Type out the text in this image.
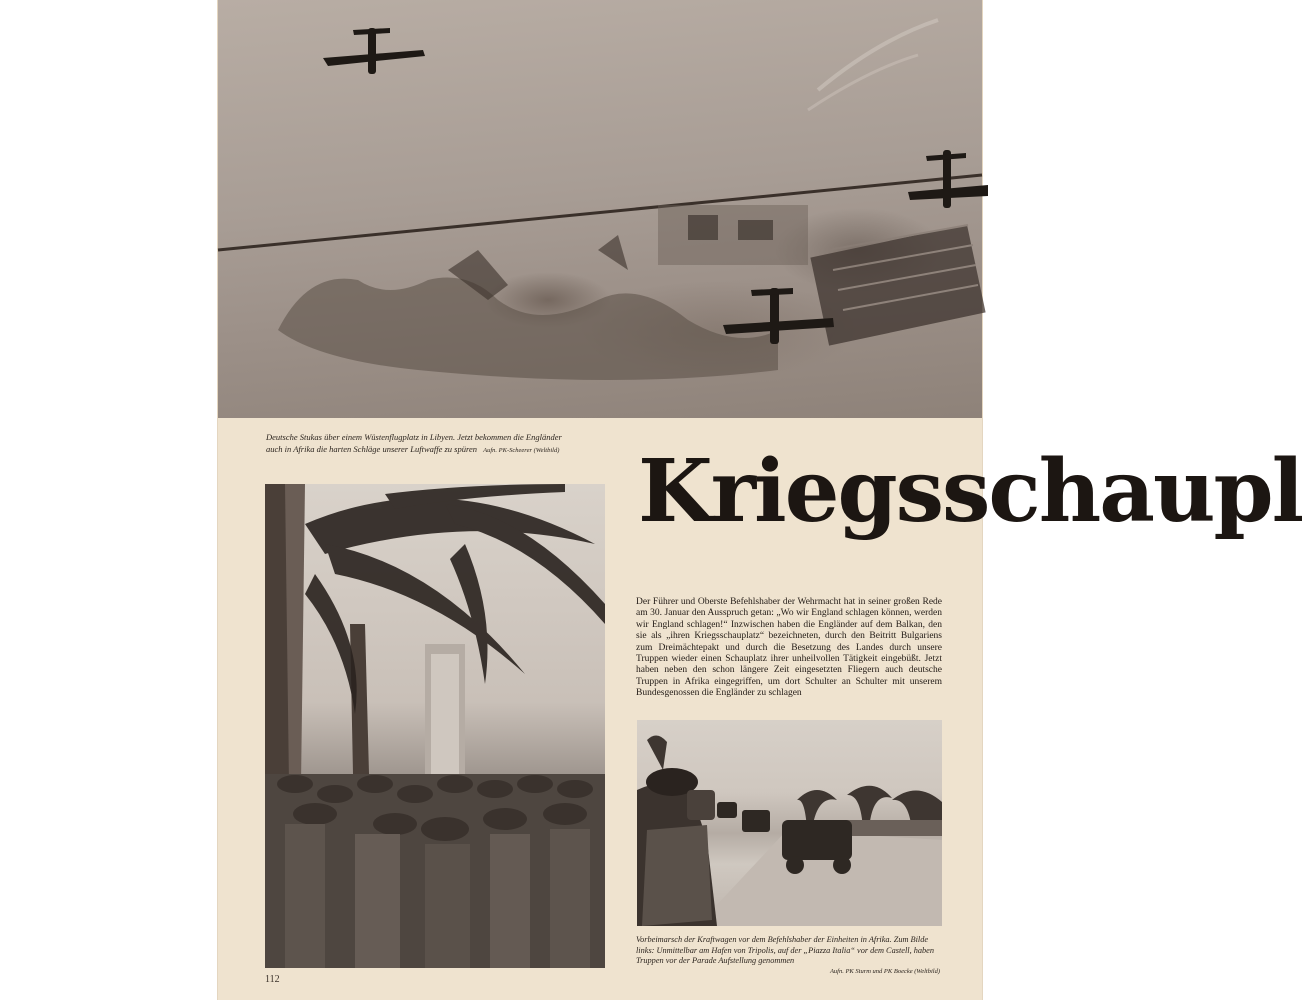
Deutsche Stukas über einem Wüstenflugplatz in Libyen. Jetzt bekommen die Engländer
auch in Afrika die harten Schläge unserer Luftwaffe zu spüren Aufn. PK-Scheerer (Weltbild) Kriegsschaupl
Der Führer und Oberste Befehlshaber der Wehrmacht hat in seiner großen Rede am 30. Januar den Ausspruch getan: „Wo wir England schlagen können, werden wir England schlagen!“ Inzwischen haben die Engländer auf dem Balkan, den sie als „ihren Kriegsschauplatz“ bezeichneten, durch den Beitritt Bulgariens zum Dreimächtepakt und durch die Besetzung des Landes durch unsere Truppen wieder einen Schauplatz ihrer unheilvollen Tätigkeit eingebüßt. Jetzt haben neben den schon längere Zeit eingesetzten Fliegern auch deutsche Truppen in Afrika eingegriffen, um dort Schulter an Schulter mit unserem Bundesgenossen die Engländer zu schlagen
Vorbeimarsch der Kraftwagen vor dem Befehlshaber der Einheiten in Afrika. Zum Bilde links: Unmittelbar am Hafen von Tripolis, auf der „Piazza Italia“ vor dem Castell, haben Truppen vor der Parade Aufstellung genommen
Aufn. PK Sturm und PK Boecke (Weltbild)
112
